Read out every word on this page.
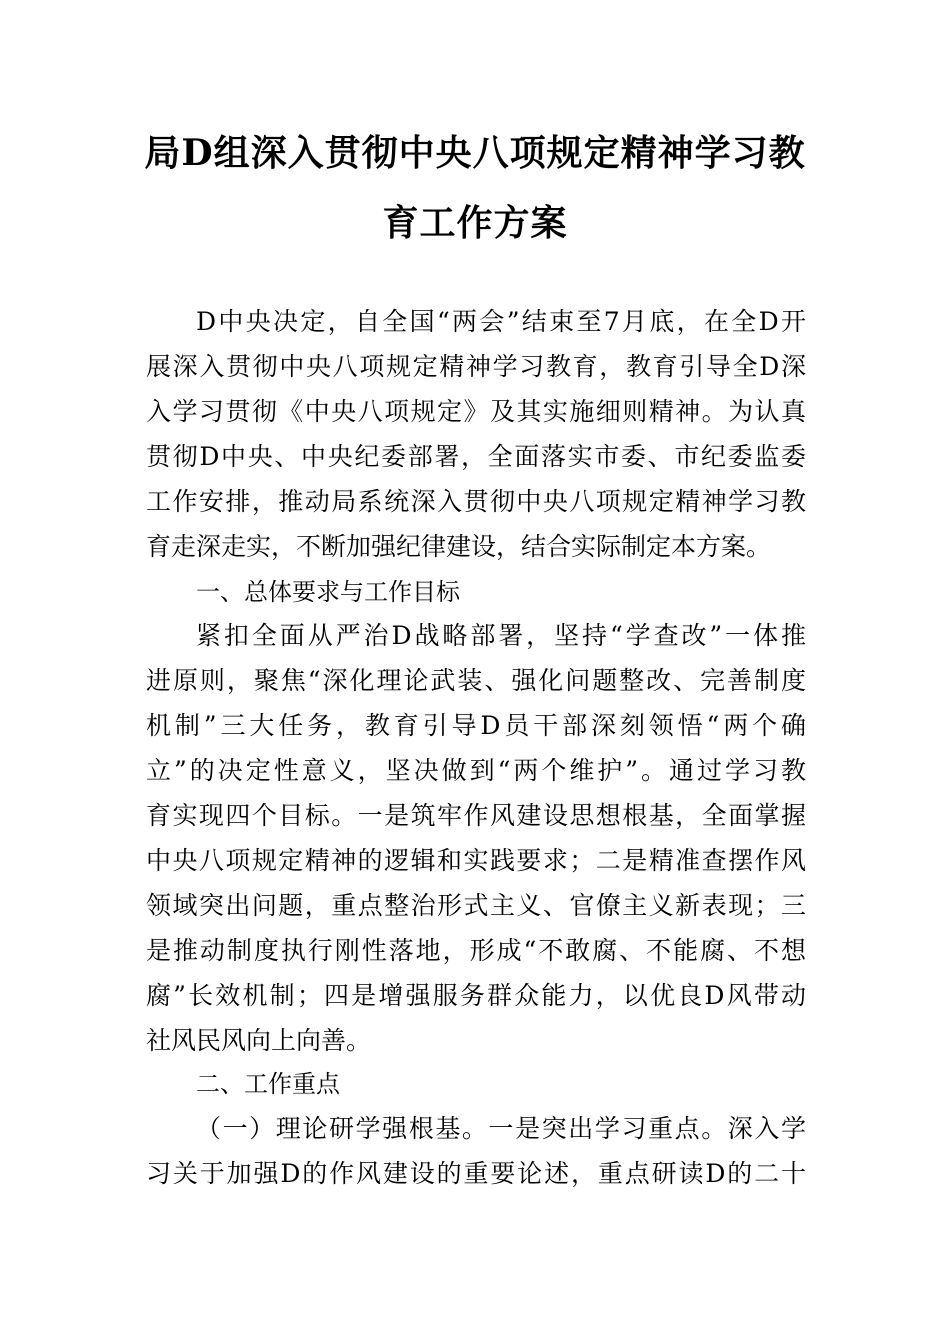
局D组深入贯彻中央八项规定精神学习教
育工作方案

D中央决定，自全国“两会”结束至7月底，在全D开

展深入贯彻中央八项规定精神学习教育，教育引导全D深

入学习贯彻《中央八项规定》及其实施细则精神。为认真

贯彻D中央、中央纪委部署，全面落实市委、市纪委监委

工作安排，推动局系统深入贯彻中央八项规定精神学习教

育走深走实，不断加强纪律建设，结合实际制定本方案。

一、总体要求与工作目标

紧扣全面从严治D战略部署，坚持“学查改”一体推

进原则，聚焦“深化理论武装、强化问题整改、完善制度

机制”三大任务，教育引导D员干部深刻领悟“两个确

立”的决定性意义，坚决做到“两个维护”。通过学习教

育实现四个目标。一是筑牢作风建设思想根基，全面掌握

中央八项规定精神的逻辑和实践要求；二是精准查摆作风

领域突出问题，重点整治形式主义、官僚主义新表现；三

是推动制度执行刚性落地，形成“不敢腐、不能腐、不想

腐”长效机制；四是增强服务群众能力，以优良D风带动

社风民风向上向善。

二、工作重点

（一）理论研学强根基。一是突出学习重点。深入学

习关于加强D的作风建设的重要论述，重点研读D的二十
